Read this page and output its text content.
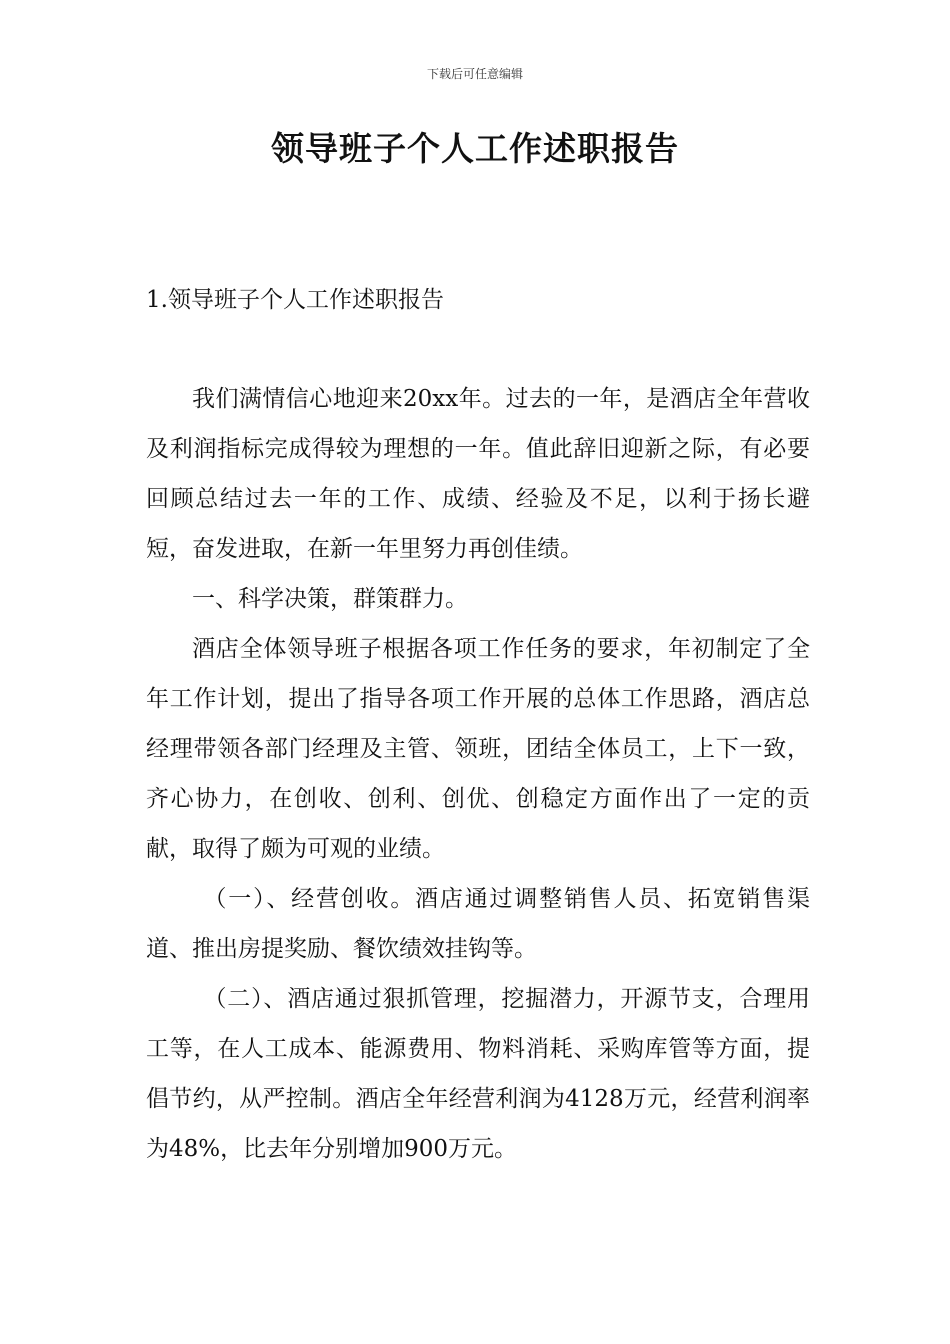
下载后可任意编辑
领导班子个人工作述职报告
1.领导班子个人工作述职报告

我们满情信心地迎来20xx年。过去的一年，是酒店全年营收及利润指标完成得较为理想的一年。值此辞旧迎新之际，有必要回顾总结过去一年的工作、成绩、经验及不足，以利于扬长避短，奋发进取，在新一年里努力再创佳绩。

一、科学决策，群策群力。

酒店全体领导班子根据各项工作任务的要求，年初制定了全年工作计划，提出了指导各项工作开展的总体工作思路，酒店总经理带领各部门经理及主管、领班，团结全体员工，上下一致，齐心协力，在创收、创利、创优、创稳定方面作出了一定的贡献，取得了颇为可观的业绩。

（一）、经营创收。酒店通过调整销售人员、拓宽销售渠道、推出房提奖励、餐饮绩效挂钩等。

（二）、酒店通过狠抓管理，挖掘潜力，开源节支，合理用工等，在人工成本、能源费用、物料消耗、采购库管等方面，提倡节约，从严控制。酒店全年经营利润为4128万元，经营利润率为48%，比去年分别增加900万元。
